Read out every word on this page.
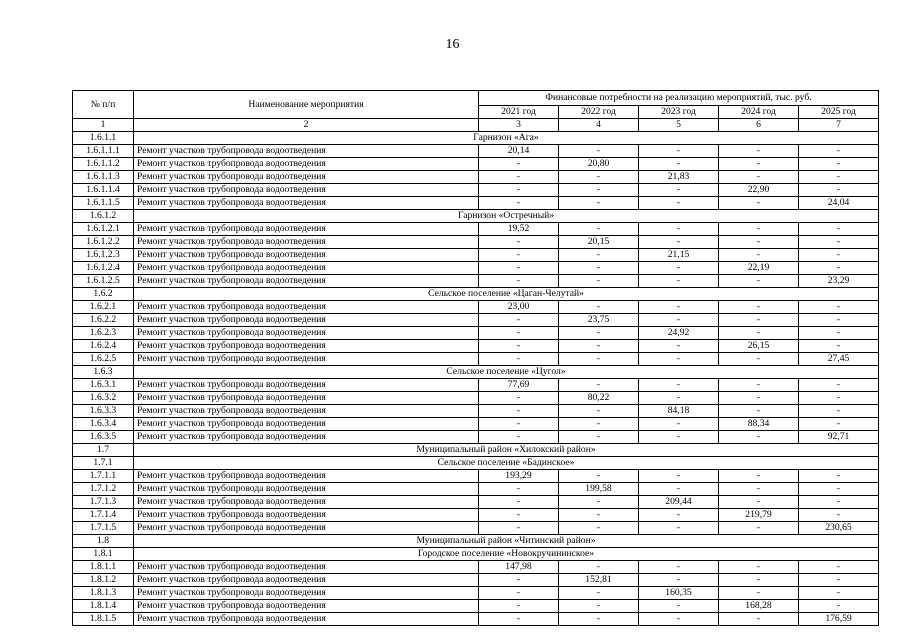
16
№ п/п	Наименование мероприятия	Финансовые потребности на реализацию мероприятий, тыс. руб.				
		2021 год	2022 год	2023 год	2024 год	2025 год
1	2	3	4	5	6	7
1.6.1.1	Гарнизон «Ага»					
1.6.1.1.1	Ремонт участков трубопровода водоотведения	20,14	-	-	-	-
1.6.1.1.2	Ремонт участков трубопровода водоотведения	-	20,80	-	-	-
1.6.1.1.3	Ремонт участков трубопровода водоотведения	-	-	21,83	-	-
1.6.1.1.4	Ремонт участков трубопровода водоотведения	-	-	-	22,90	-
1.6.1.1.5	Ремонт участков трубопровода водоотведения	-	-	-	-	24,04
1.6.1.2	Гарнизон «Остречный»					
1.6.1.2.1	Ремонт участков трубопровода водоотведения	19,52	-	-	-	-
1.6.1.2.2	Ремонт участков трубопровода водоотведения	-	20,15	-	-	-
1.6.1.2.3	Ремонт участков трубопровода водоотведения	-	-	21,15	-	-
1.6.1.2.4	Ремонт участков трубопровода водоотведения	-	-	-	22,19	-
1.6.1.2.5	Ремонт участков трубопровода водоотведения	-	-	-	-	23,29
1.6.2	Сельское поселение «Цаган-Челутай»					
1.6.2.1	Ремонт участков трубопровода водоотведения	23,00	-	-	-	-
1.6.2.2	Ремонт участков трубопровода водоотведения	-	23,75	-	-	-
1.6.2.3	Ремонт участков трубопровода водоотведения	-	-	24,92	-	-
1.6.2.4	Ремонт участков трубопровода водоотведения	-	-	-	26,15	-
1.6.2.5	Ремонт участков трубопровода водоотведения	-	-	-	-	27,45
1.6.3	Сельское поселение «Цугол»					
1.6.3.1	Ремонт участков трубопровода водоотведения	77,69	-	-	-	-
1.6.3.2	Ремонт участков трубопровода водоотведения	-	80,22	-	-	-
1.6.3.3	Ремонт участков трубопровода водоотведения	-	-	84,18	-	-
1.6.3.4	Ремонт участков трубопровода водоотведения	-	-	-	88,34	-
1.6.3.5	Ремонт участков трубопровода водоотведения	-	-	-	-	92,71
1.7	Муниципальный район «Хилокский район»					
1.7.1	Сельское поселение «Бадинское»					
1.7.1.1	Ремонт участков трубопровода водоотведения	193,29	-	-	-	-
1.7.1.2	Ремонт участков трубопровода водоотведения	-	199,58	-	-	-
1.7.1.3	Ремонт участков трубопровода водоотведения	-	-	209,44	-	-
1.7.1.4	Ремонт участков трубопровода водоотведения	-	-	-	219,79	-
1.7.1.5	Ремонт участков трубопровода водоотведения	-	-	-	-	230,65
1.8	Муниципальный район «Читинский район»					
1.8.1	Городское поселение «Новокручининское»					
1.8.1.1	Ремонт участков трубопровода водоотведения	147,98	-	-	-	-
1.8.1.2	Ремонт участков трубопровода водоотведения	-	152,81	-	-	-
1.8.1.3	Ремонт участков трубопровода водоотведения	-	-	160,35	-	-
1.8.1.4	Ремонт участков трубопровода водоотведения	-	-	-	168,28	-
1.8.1.5	Ремонт участков трубопровода водоотведения	-	-	-	-	176,59
